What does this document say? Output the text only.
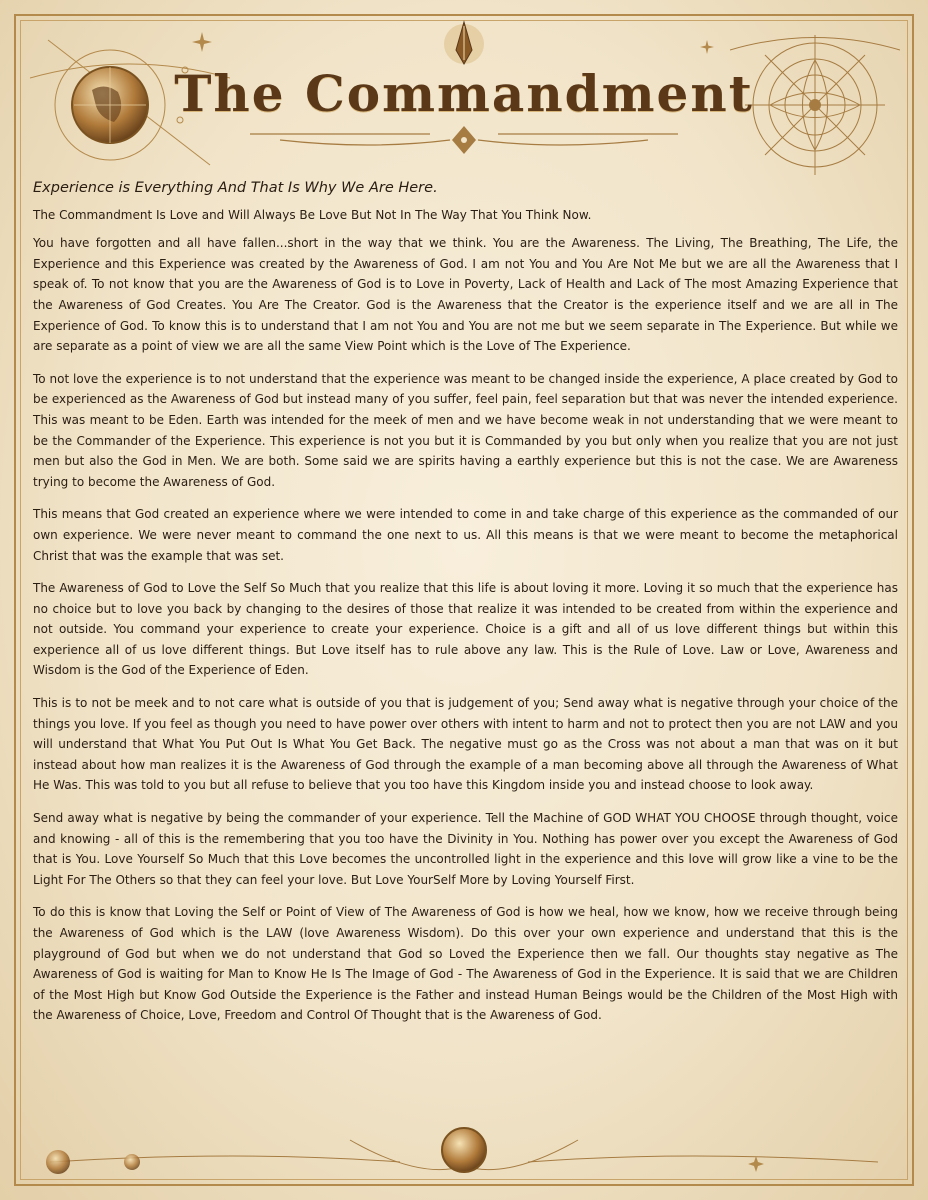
The Commandment
Experience is Everything And That Is Why We Are Here.
The Commandment Is Love and Will Always Be Love But Not In The Way That You Think Now.

You have forgotten and all have fallen...short in the way that we think. You are the Awareness. The Living, The Breathing, The Life, the Experience and this Experience was created by the Awareness of God. I am not You and You Are Not Me but we are all the Awareness that I speak of. To not know that you are the Awareness of God is to Love in Poverty, Lack of Health and Lack of The most Amazing Experience that the Awareness of God Creates. You Are The Creator. God is the Awareness that the Creator is the experience itself and we are all in The Experience of God. To know this is to understand that I am not You and You are not me but we seem separate in The Experience. But while we are separate as a point of view we are all the same View Point which is the Love of The Experience.

To not love the experience is to not understand that the experience was meant to be changed inside the experience, A place created by God to be experienced as the Awareness of God but instead many of you suffer, feel pain, feel separation but that was never the intended experience. This was meant to be Eden. Earth was intended for the meek of men and we have become weak in not understanding that we were meant to be the Commander of the Experience. This experience is not you but it is Commanded by you but only when you realize that you are not just men but also the God in Men. We are both. Some said we are spirits having a earthly experience but this is not the case. We are Awareness trying to become the Awareness of God.

This means that God created an experience where we were intended to come in and take charge of this experience as the commanded of our own experience. We were never meant to command the one next to us. All this means is that we were meant to become the metaphorical Christ that was the example that was set.

The Awareness of God to Love the Self So Much that you realize that this life is about loving it more. Loving it so much that the experience has no choice but to love you back by changing to the desires of those that realize it was intended to be created from within the experience and not outside. You command your experience to create your experience. Choice is a gift and all of us love different things but within this experience all of us love different things. But Love itself has to rule above any law. This is the Rule of Love. Law or Love, Awareness and Wisdom is the God of the Experience of Eden.

This is to not be meek and to not care what is outside of you that is judgement of you; Send away what is negative through your choice of the things you love. If you feel as though you need to have power over others with intent to harm and not to protect then you are not LAW and you will understand that What You Put Out Is What You Get Back. The negative must go as the Cross was not about a man that was on it but instead about how man realizes it is the Awareness of God through the example of a man becoming above all through the Awareness of What He Was. This was told to you but all refuse to believe that you too have this Kingdom inside you and instead choose to look away.

Send away what is negative by being the commander of your experience. Tell the Machine of GOD WHAT YOU CHOOSE through thought, voice and knowing - all of this is the remembering that you too have the Divinity in You. Nothing has power over you except the Awareness of God that is You. Love Yourself So Much that this Love becomes the uncontrolled light in the experience and this love will grow like a vine to be the Light For The Others so that they can feel your love. But Love YourSelf More by Loving Yourself First.

To do this is know that Loving the Self or Point of View of The Awareness of God is how we heal, how we know, how we receive through being the Awareness of God which is the LAW (love Awareness Wisdom). Do this over your own experience and understand that this is the playground of God but when we do not understand that God so Loved the Experience then we fall. Our thoughts stay negative as The Awareness of God is waiting for Man to Know He Is The Image of God - The Awareness of God in the Experience. It is said that we are Children of the Most High but Know God Outside the Experience is the Father and instead Human Beings would be the Children of the Most High with the Awareness of Choice, Love, Freedom and Control Of Thought that is the Awareness of God.
